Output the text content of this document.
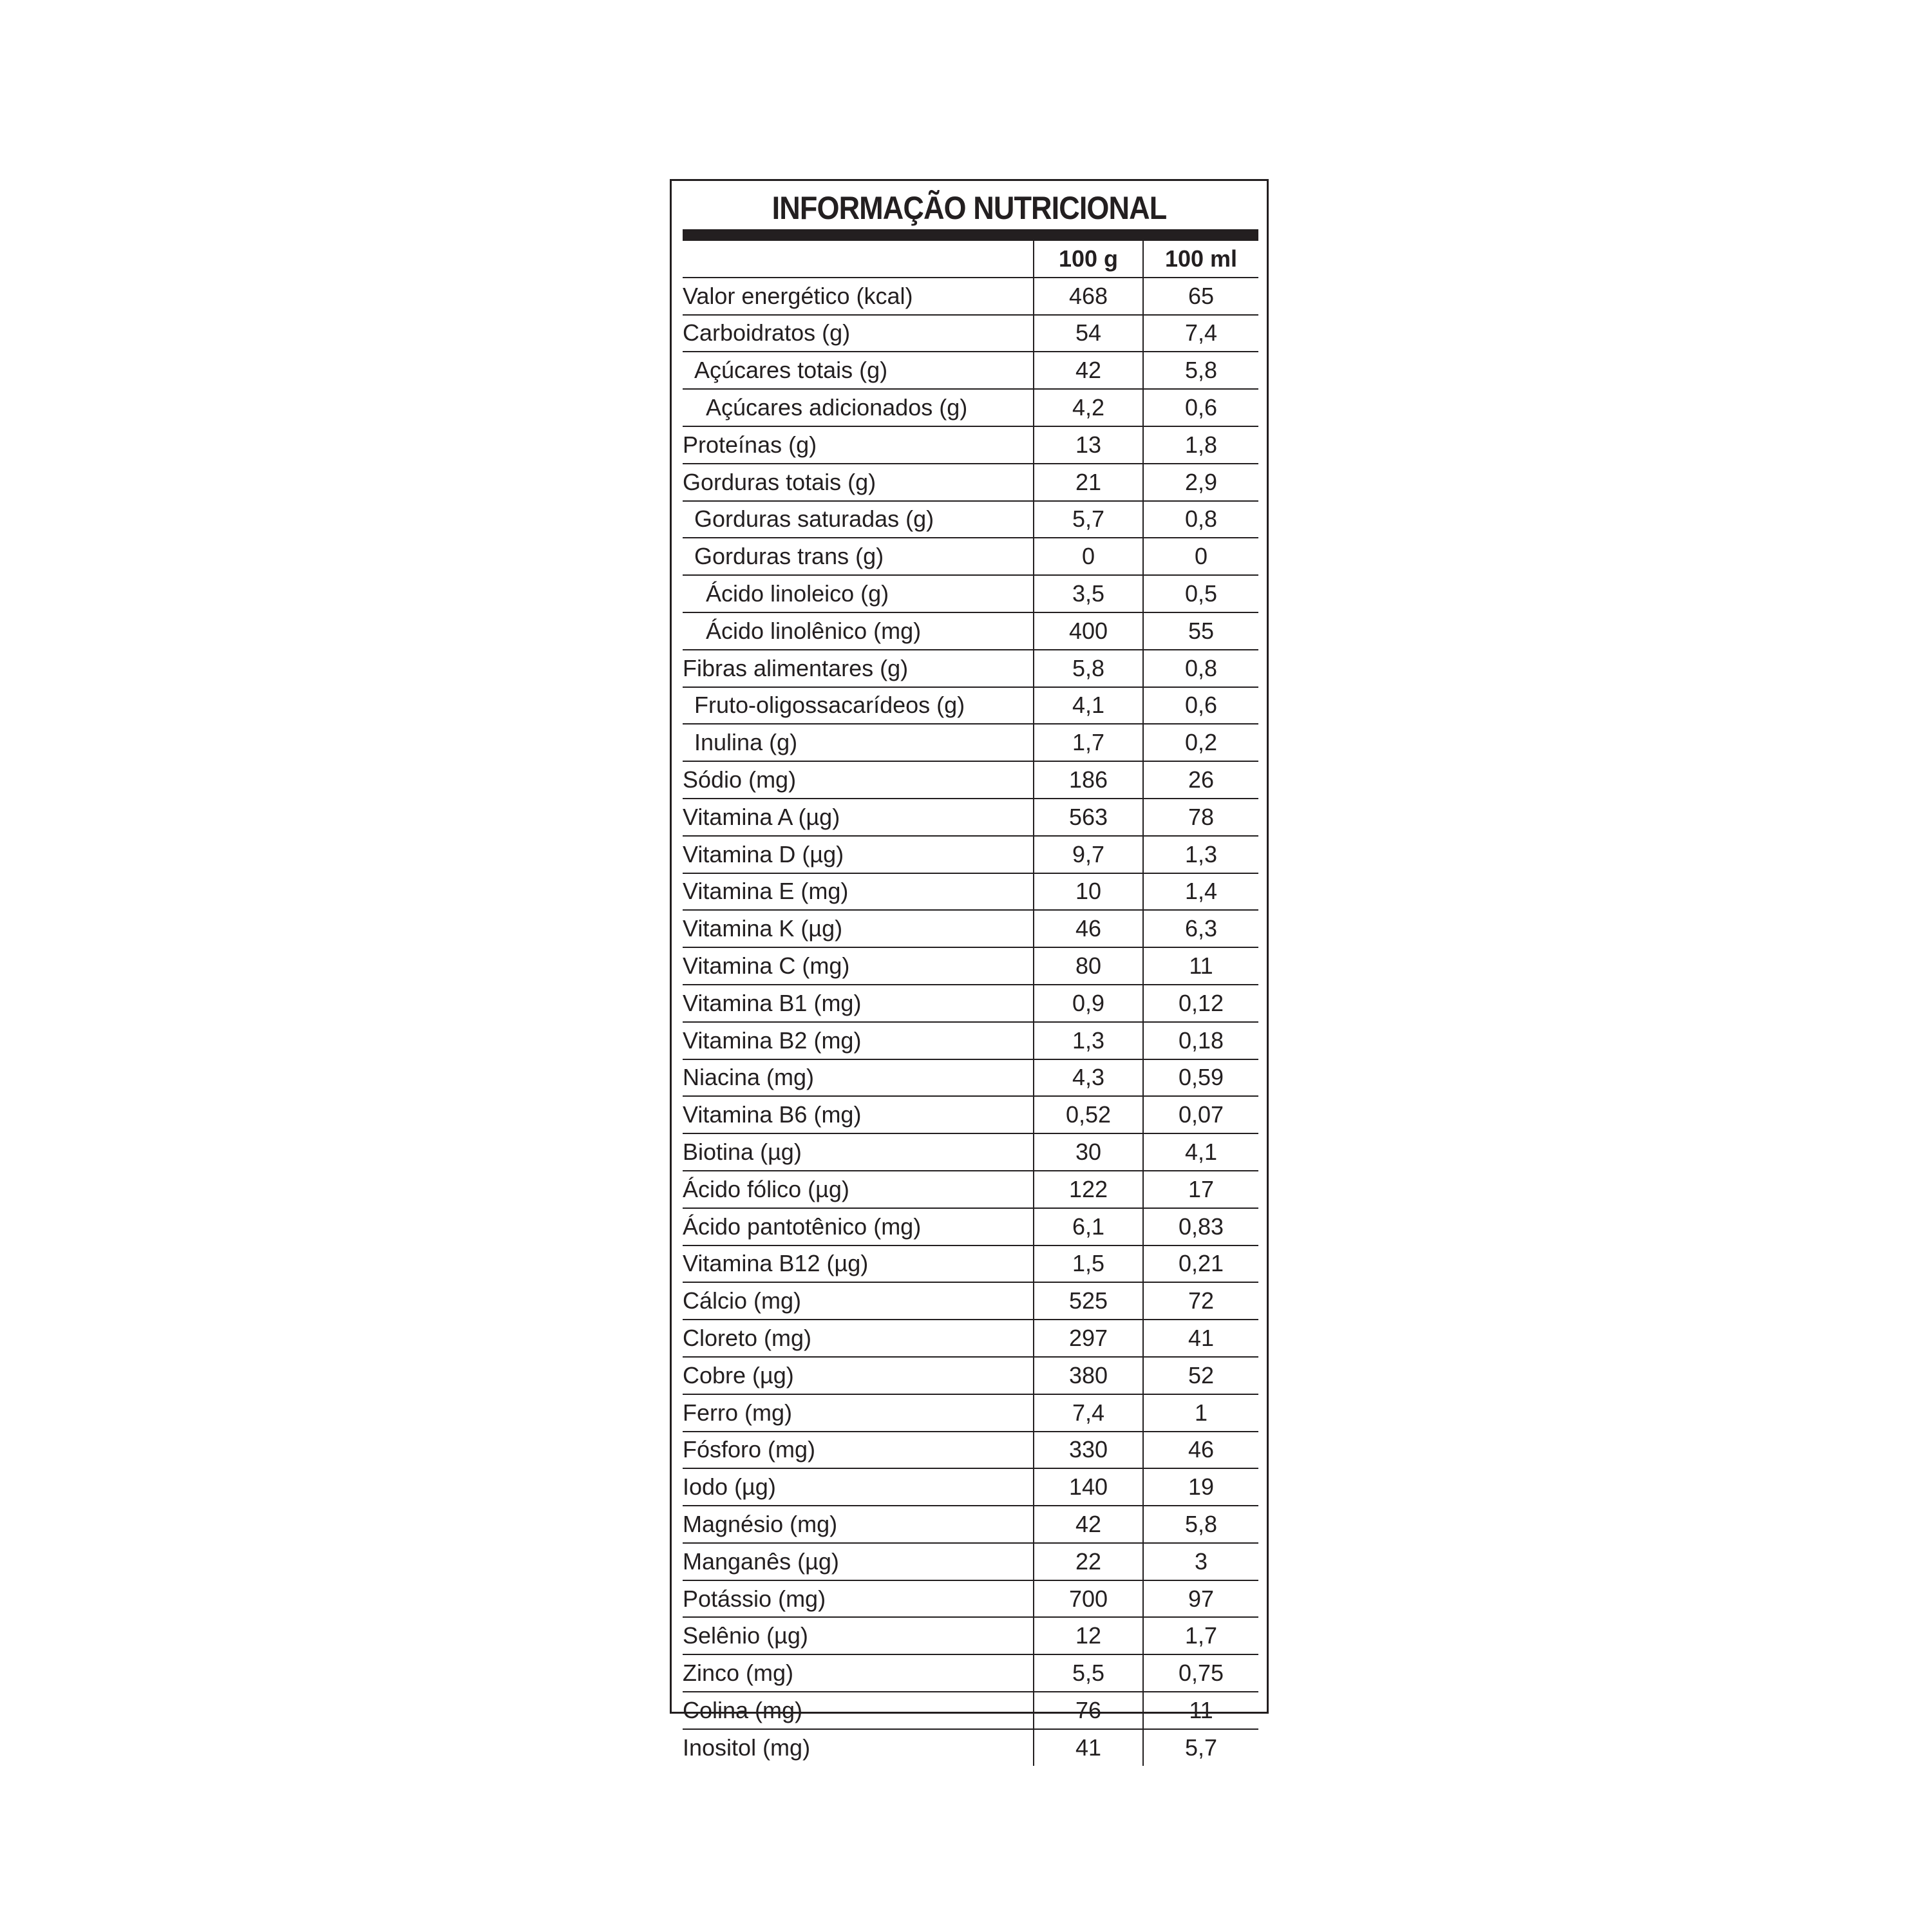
INFORMAÇÃO NUTRICIONAL
	100 g	100 ml
Valor energético (kcal)	468	65
Carboidratos (g)	54	7,4
Açúcares totais (g)	42	5,8
Açúcares adicionados (g)	4,2	0,6
Proteínas (g)	13	1,8
Gorduras totais (g)	21	2,9
Gorduras saturadas (g)	5,7	0,8
Gorduras trans (g)	0	0
Ácido linoleico (g)	3,5	0,5
Ácido linolênico (mg)	400	55
Fibras alimentares (g)	5,8	0,8
Fruto-oligossacarídeos (g)	4,1	0,6
Inulina (g)	1,7	0,2
Sódio (mg)	186	26
Vitamina A (µg)	563	78
Vitamina D (µg)	9,7	1,3
Vitamina E (mg)	10	1,4
Vitamina K (µg)	46	6,3
Vitamina C (mg)	80	11
Vitamina B1 (mg)	0,9	0,12
Vitamina B2 (mg)	1,3	0,18
Niacina (mg)	4,3	0,59
Vitamina B6 (mg)	0,52	0,07
Biotina (µg)	30	4,1
Ácido fólico (µg)	122	17
Ácido pantotênico (mg)	6,1	0,83
Vitamina B12 (µg)	1,5	0,21
Cálcio (mg)	525	72
Cloreto (mg)	297	41
Cobre (µg)	380	52
Ferro (mg)	7,4	1
Fósforo (mg)	330	46
Iodo (µg)	140	19
Magnésio (mg)	42	5,8
Manganês (µg)	22	3
Potássio (mg)	700	97
Selênio (µg)	12	1,7
Zinco (mg)	5,5	0,75
Colina (mg)	76	11
Inositol (mg)	41	5,7
